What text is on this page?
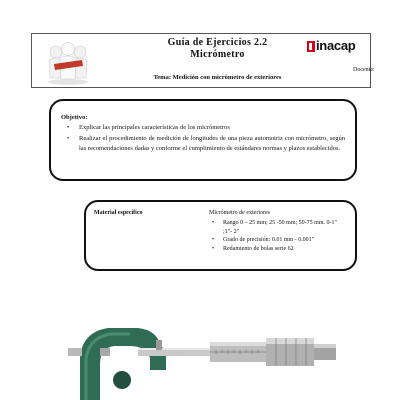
Guía de Ejercicios 2.2
Micrómetro
Tema: Medición con micrómetro de exteriores
Docente:
inacap
Objetivo:
• Explicar las principales características de los micrómetros
• Realizar el procedimiento de medición de longitudes de una pieza automotriz con micrómetro, según las recomendaciones dadas y conforme el cumplimiento de estándares normas y plazos establecidos.
Material específico	Micrómetro de exteriores
• Rango 0 – 25 mm; 25 -50 mm; 50-75 mm. 0-1" ;1"- 2"
• Grado de precisión: 0.01 mm - 0.001"
• Redamiento de bolas serie 62
